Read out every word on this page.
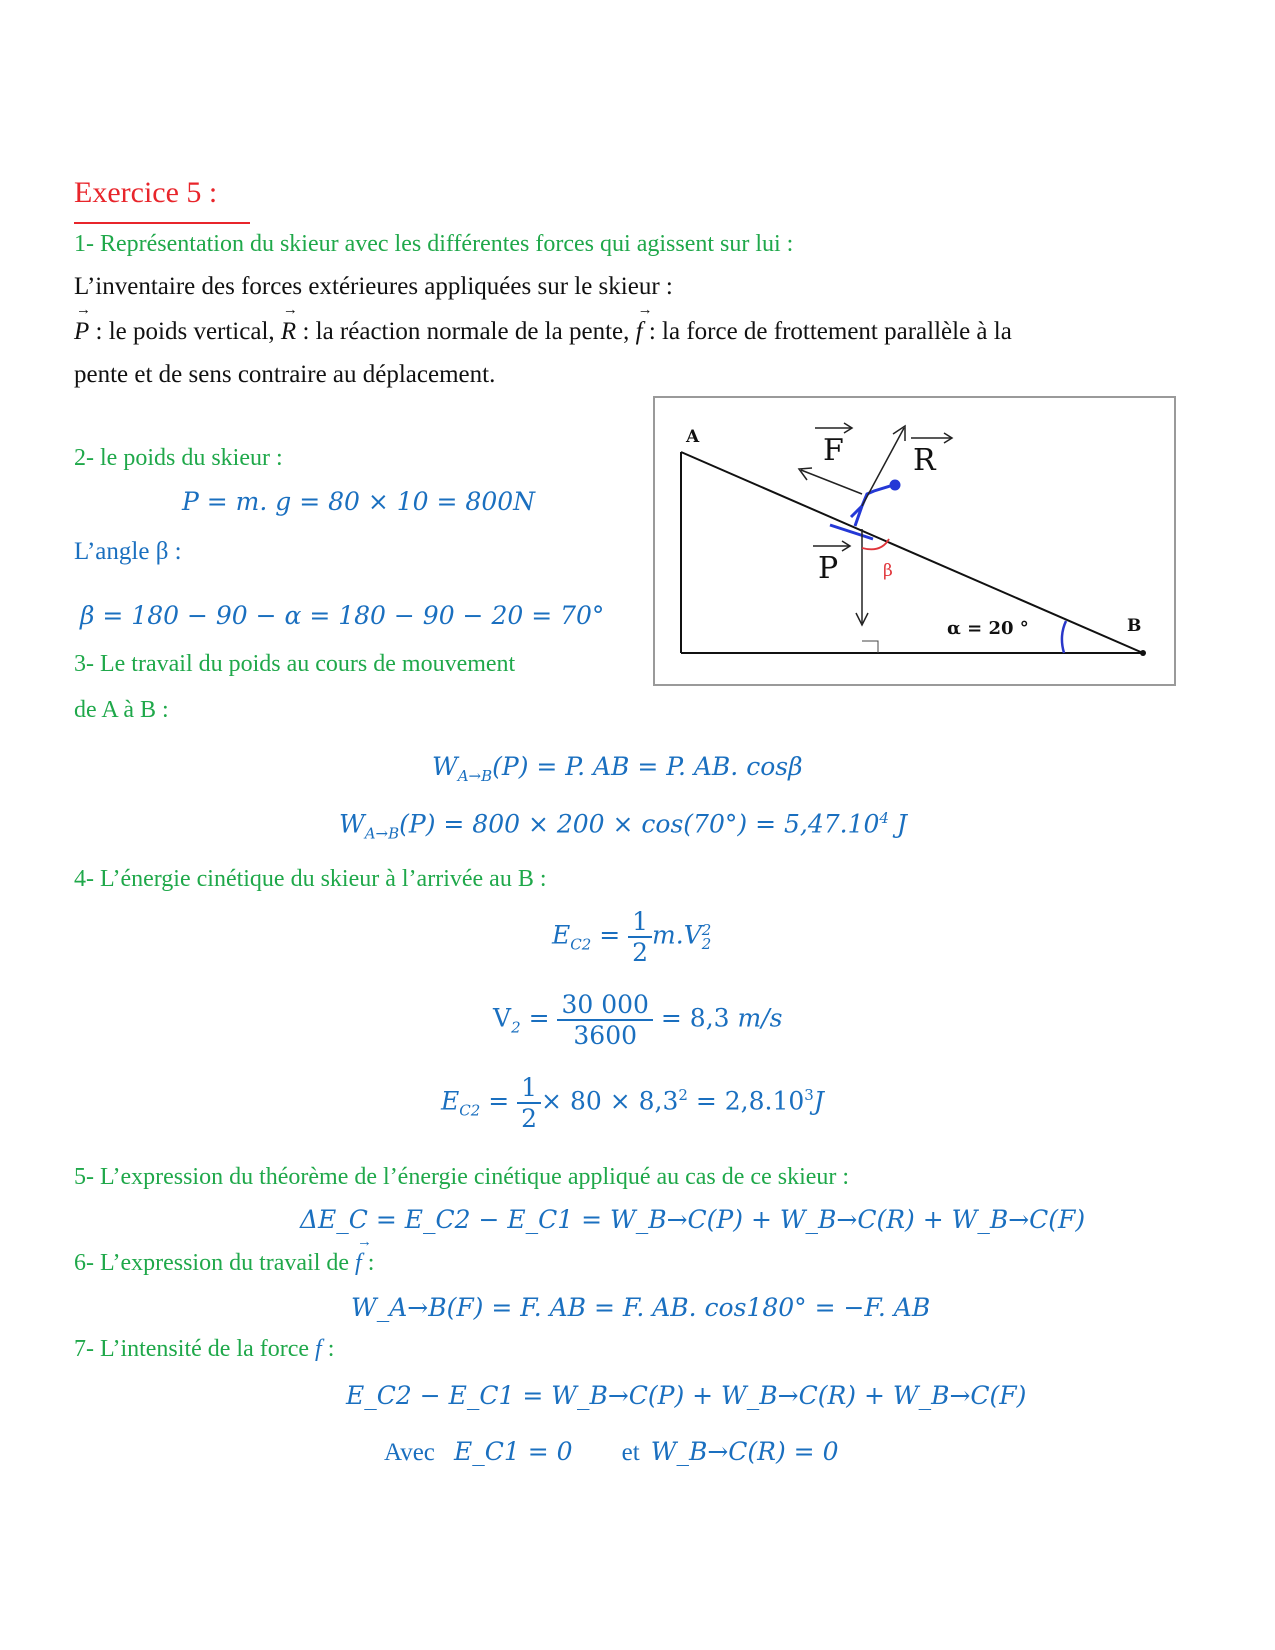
Exercice 5 :
1- Représentation du skieur avec les différentes forces qui agissent sur lui :
L’inventaire des forces extérieures appliquées sur le skieur :
→ P : le poids vertical, → R : la réaction normale de la pente, → f : la force de frottement parallèle à la
pente et de sens contraire au déplacement.
A
B
F R
P	β
α = 20 °
2- le poids du skieur :
P = m. g = 80 × 10 = 800N
L’angle β :
β = 180 − 90 − α = 180 − 90 − 20 = 70°
3- Le travail du poids au cours de mouvement
de A à B :
$W_{A\to B}(P) = P$. AB = P. AB. cosβ
$W_{A\to B}(P) = 800 \times 200 \times \cos(70^\circ) = 5,47.10^4$ J
4- L’énergie cinétique du skieur à l’arrivée au B :
$E_{C2} = \frac{1}{2} m.V$ 2
2
$V_2 = \frac{30 000}{3600} = 8,3$ m/s
$E_{C2} = \frac{1}{2} \times 80 \times 8,3^2 = 2,8.10^3J$
5- L’expression du théorème de l’énergie cinétique appliqué au cas de ce skieur :
ΔE_C = E_C2 − E_C1 = W_B→C(P) + W_B→C(R) + W_B→C(F)
6- L’expression du travail de → f :
W_A→B(F) = F. AB = F. AB. cos180° = −F. AB
7- L’intensité de la force f :
E_C2 − E_C1 = W_B→C(P) + W_B→C(R) + W_B→C(F)
Avec E_C1 = 0 et W_B→C(R) = 0
